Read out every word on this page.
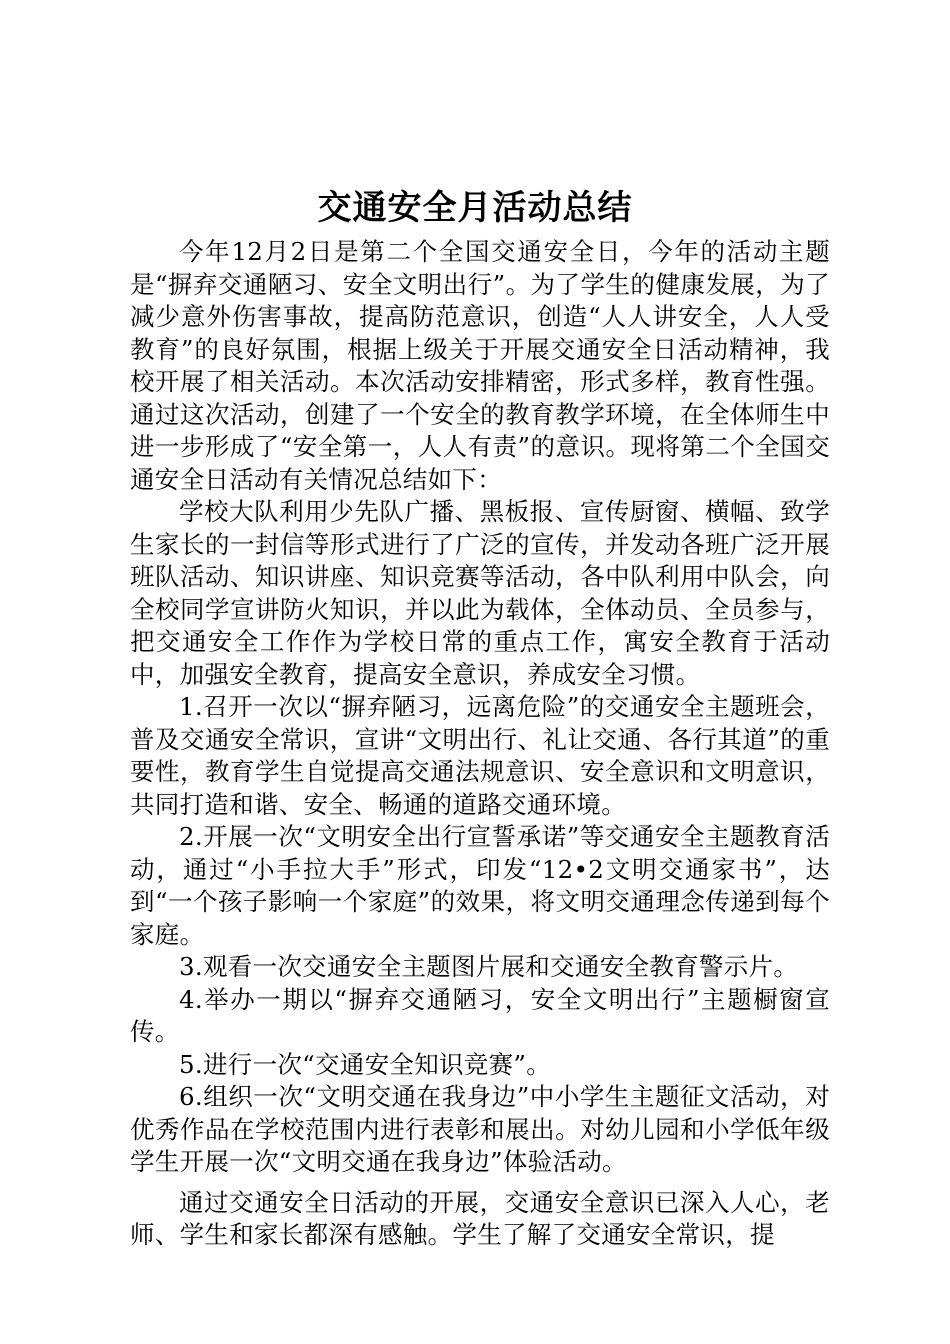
交通安全月活动总结

今年12月2日是第二个全国交通安全日，今年的活动主题是“摒弃交通陋习、安全文明出行”。为了学生的健康发展，为了减少意外伤害事故，提高防范意识，创造“人人讲安全，人人受教育”的良好氛围，根据上级关于开展交通安全日活动精神，我校开展了相关活动。本次活动安排精密，形式多样，教育性强。通过这次活动，创建了一个安全的教育教学环境，在全体师生中进一步形成了“安全第一，人人有责”的意识。现将第二个全国交通安全日活动有关情况总结如下：

学校大队利用少先队广播、黑板报、宣传厨窗、横幅、致学生家长的一封信等形式进行了广泛的宣传，并发动各班广泛开展班队活动、知识讲座、知识竞赛等活动，各中队利用中队会，向全校同学宣讲防火知识，并以此为载体，全体动员、全员参与，把交通安全工作作为学校日常的重点工作，寓安全教育于活动中，加强安全教育，提高安全意识，养成安全习惯。

1.召开一次以“摒弃陋习，远离危险”的交通安全主题班会，普及交通安全常识，宣讲“文明出行、礼让交通、各行其道”的重要性，教育学生自觉提高交通法规意识、安全意识和文明意识，共同打造和谐、安全、畅通的道路交通环境。

2.开展一次“文明安全出行宣誓承诺”等交通安全主题教育活动，通过“小手拉大手”形式，印发“12•2文明交通家书”，达到“一个孩子影响一个家庭”的效果，将文明交通理念传递到每个家庭。

3.观看一次交通安全主题图片展和交通安全教育警示片。

4.举办一期以“摒弃交通陋习，安全文明出行”主题橱窗宣传。

5.进行一次“交通安全知识竞赛”。

6.组织一次“文明交通在我身边”中小学生主题征文活动，对优秀作品在学校范围内进行表彰和展出。对幼儿园和小学低年级学生开展一次“文明交通在我身边”体验活动。

通过交通安全日活动的开展，交通安全意识已深入人心，老师、学生和家长都深有感触。学生了解了交通安全常识，提
